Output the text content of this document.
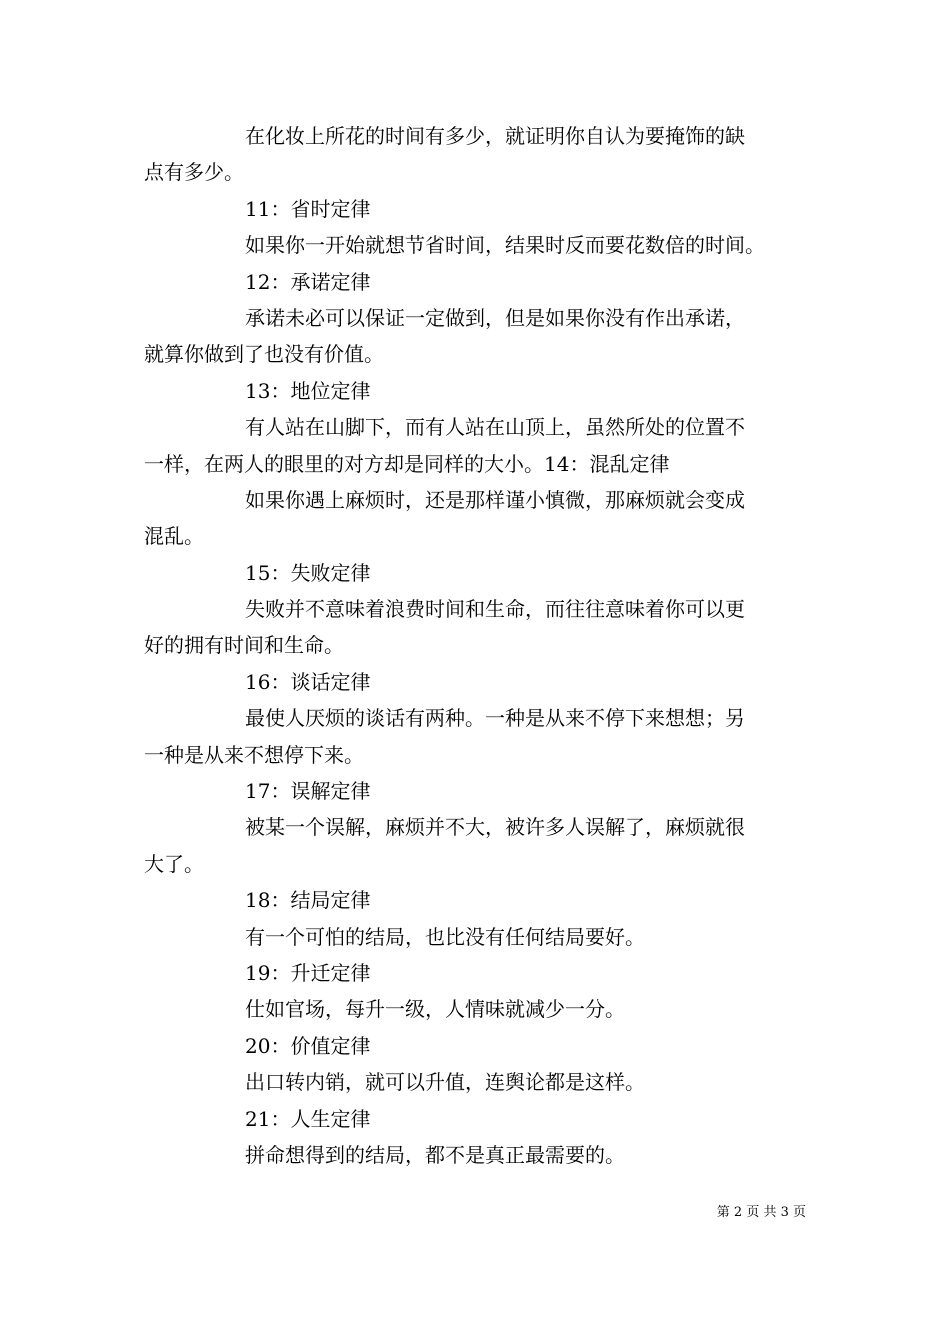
在化妆上所花的时间有多少，就证明你自认为要掩饰的缺
点有多少。
11：省时定律
如果你一开始就想节省时间，结果时反而要花数倍的时间。
12：承诺定律
承诺未必可以保证一定做到，但是如果你没有作出承诺，
就算你做到了也没有价值。
13：地位定律
有人站在山脚下，而有人站在山顶上，虽然所处的位置不
一样，在两人的眼里的对方却是同样的大小。14：混乱定律
如果你遇上麻烦时，还是那样谨小慎微，那麻烦就会变成
混乱。
15：失败定律
失败并不意味着浪费时间和生命，而往往意味着你可以更
好的拥有时间和生命。
16：谈话定律
最使人厌烦的谈话有两种。一种是从来不停下来想想；另
一种是从来不想停下来。
17：误解定律
被某一个误解，麻烦并不大，被许多人误解了，麻烦就很
大了。
18：结局定律
有一个可怕的结局，也比没有任何结局要好。
19：升迁定律
仕如官场，每升一级，人情味就减少一分。
20：价值定律
出口转内销，就可以升值，连舆论都是这样。
21：人生定律
拼命想得到的结局，都不是真正最需要的。
第 2 页 共 3 页
